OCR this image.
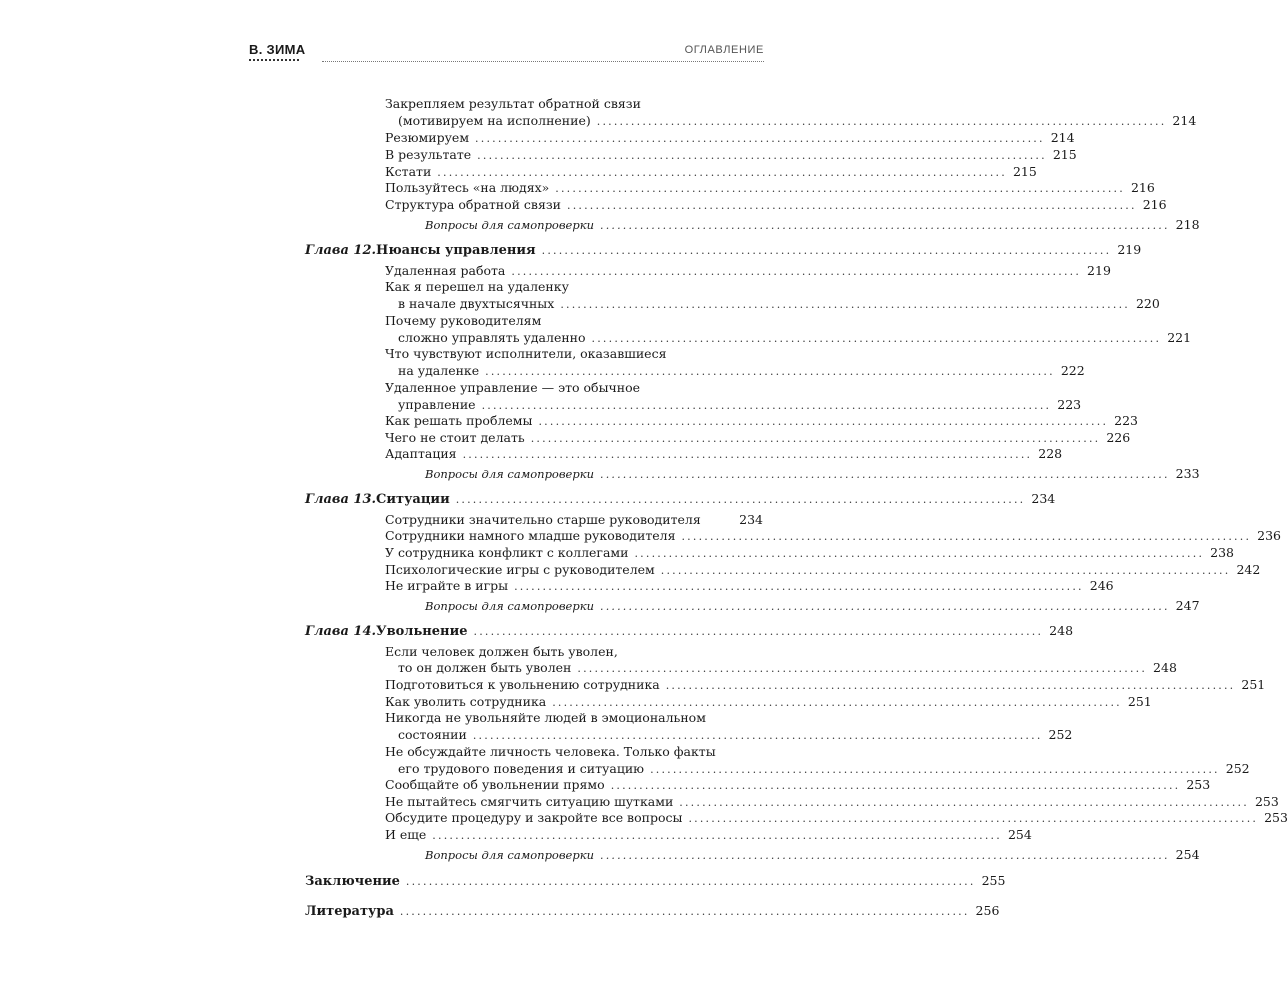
В. ЗИМА	ОГЛАВЛЕНИЕ
Закрепляем результат обратной связи
(мотивируем на исполнение) .................................................................................................... 214
Резюмируем .................................................................................................... 214
В результате .................................................................................................... 215
Кстати .................................................................................................... 215
Пользуйтесь «на людях» .................................................................................................... 216
Структура обратной связи .................................................................................................... 216
Вопросы для самопроверки .................................................................................................... 218
Глава 12. Нюансы управления .................................................................................................... 219
Удаленная работа .................................................................................................... 219
Как я перешел на удаленку
в начале двухтысячных .................................................................................................... 220
Почему руководителям
сложно управлять удаленно .................................................................................................... 221
Что чувствуют исполнители, оказавшиеся
на удаленке .................................................................................................... 222
Удаленное управление — это обычное
управление .................................................................................................... 223
Как решать проблемы .................................................................................................... 223
Чего не стоит делать .................................................................................................... 226
Адаптация .................................................................................................... 228
Вопросы для самопроверки .................................................................................................... 233
Глава 13. Ситуации .................................................................................................... 234
Сотрудники значительно старше руководителя	234
Сотрудники намного младше руководителя .................................................................................................... 236
У сотрудника конфликт с коллегами .................................................................................................... 238
Психологические игры с руководителем .................................................................................................... 242
Не играйте в игры .................................................................................................... 246
Вопросы для самопроверки .................................................................................................... 247
Глава 14. Увольнение .................................................................................................... 248
Если человек должен быть уволен,
то он должен быть уволен .................................................................................................... 248
Подготовиться к увольнению сотрудника .................................................................................................... 251
Как уволить сотрудника .................................................................................................... 251
Никогда не увольняйте людей в эмоциональном
состоянии .................................................................................................... 252
Не обсуждайте личность человека. Только факты
его трудового поведения и ситуацию .................................................................................................... 252
Сообщайте об увольнении прямо .................................................................................................... 253
Не пытайтесь смягчить ситуацию шутками .................................................................................................... 253
Обсудите процедуру и закройте все вопросы .................................................................................................... 253
И еще .................................................................................................... 254
Вопросы для самопроверки .................................................................................................... 254
Заключение .................................................................................................... 255
Литература .................................................................................................... 256
